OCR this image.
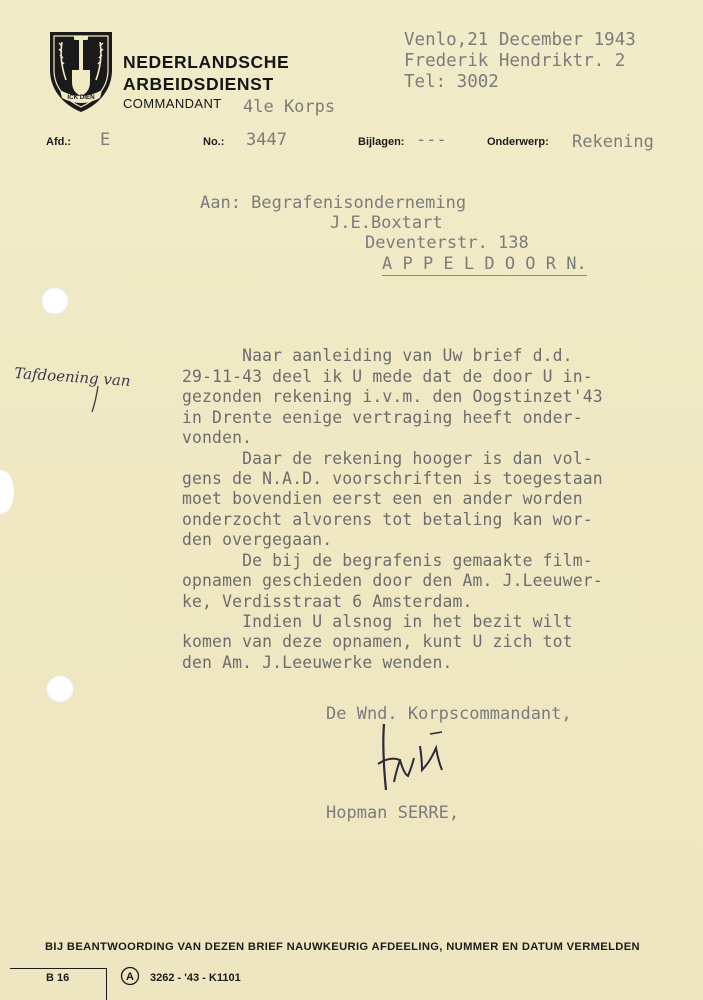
ICK DIEN
NEDERLANDSCHE
ARBEIDSDIENST
COMMANDANT 4le Korps
Venlo,21 December 1943
Frederik Hendriktr. 2
Tel: 3002
Afd.: E	No.: 3447	Bijlagen: ---	Onderwerp: Rekening
Aan: Begrafenisonderneming
J.E.Boxtart
Deventerstr. 138
A P P E L D O O R N.
Tafdoening van
Naar aanleiding van Uw brief d.d.
29-11-43 deel ik U mede dat de door U in-
gezonden rekening i.v.m. den Oogstinzet'43
in Drente eenige vertraging heeft onder-
vonden.
Daar de rekening hooger is dan vol-
gens de N.A.D. voorschriften is toegestaan
moet bovendien eerst een en ander worden
onderzocht alvorens tot betaling kan wor-
den overgegaan.
De bij de begrafenis gemaakte film-
opnamen geschieden door den Am. J.Leeuwer-
ke, Verdisstraat 6 Amsterdam.
Indien U alsnog in het bezit wilt
komen van deze opnamen, kunt U zich tot
den Am. J.Leeuwerke wenden.
De Wnd. Korpscommandant,
Hopman SERRE,
BIJ BEANTWOORDING VAN DEZEN BRIEF NAUWKEURIG AFDEELING, NUMMER EN DATUM VERMELDEN
B 16	A 3262 - '43 - K1101
